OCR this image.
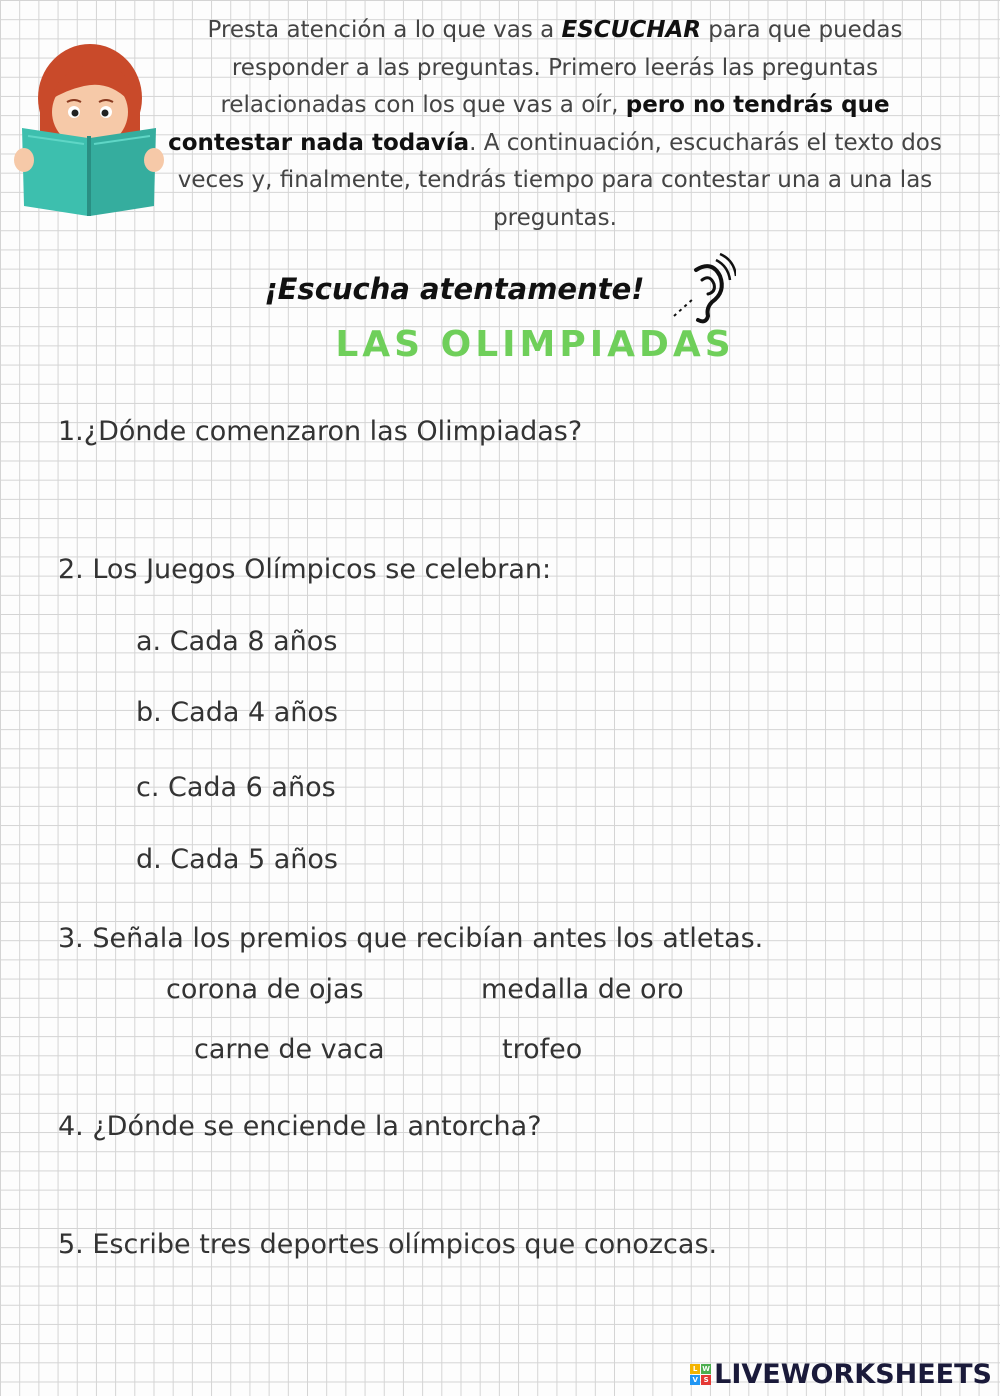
Presta atención a lo que vas a ESCUCHAR para que puedas responder a las preguntas. Primero leerás las preguntas relacionadas con los que vas a oír, pero no tendrás que contestar nada todavía. A continuación, escucharás el texto dos veces y, finalmente, tendrás tiempo para contestar una a una las preguntas.
¡Escucha atentamente!
LAS OLIMPIADAS
1.¿Dónde comenzaron las Olimpiadas?
2. Los Juegos Olímpicos se celebran:
a. Cada 8 años
b. Cada 4 años
c. Cada 6 años
d. Cada 5 años
3. Señala los premios que recibían antes los atletas.
corona de ojas	medalla de oro
carne de vaca	trofeo
4. ¿Dónde se enciende la antorcha?
5. Escribe tres deportes olímpicos que conozcas.
L W
V S LIVEWORKSHEETS
